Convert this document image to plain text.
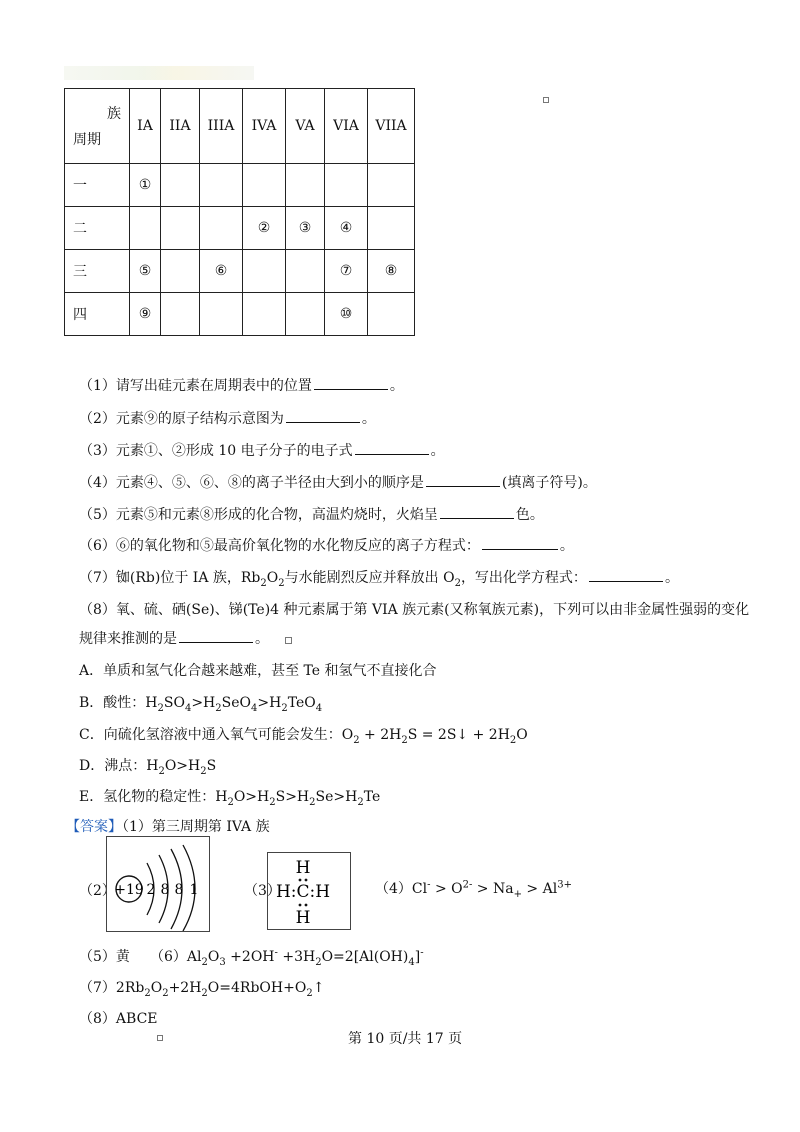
族
周期	IA	IIA	IIIA	IVA	VA	VIA	VIIA
一	①						
二				②	③	④	
三	⑤		⑥			⑦	⑧
四	⑨					⑩	
（1）请写出硅元素在周期表中的位置	。
（2）元素⑨的原子结构示意图为	。
（3）元素①、②形成 10 电子分子的电子式	。
（4）元素④、⑤、⑥、⑧的离子半径由大到小的顺序是	(填离子符号)。
（5）元素⑤和元素⑧形成的化合物，高温灼烧时，火焰呈	色。
（6）⑥的氧化物和⑤最高价氧化物的水化物反应的离子方程式：	。
（7）铷(Rb)位于 IA 族，$Rb_2O_2$与水能剧烈反应并释放出 $O_2$，写出化学方程式：	。
（8）氧、硫、硒(Se)、锑(Te)4 种元素属于第 VIA 族元素(又称氧族元素)，下列可以由非金属性强弱的变化
规律来推测的是	。
A．单质和氢气化合越来越难，甚至 Te 和氢气不直接化合
B．酸性：$H_2SO_4>H_2SeO_4>H_2TeO_4$
C．向硫化氢溶液中通入氧气可能会发生：$O_2 + 2H_2S$ = 2S↓ + $2H_2O$
D．沸点：$H_2O>H_2S$
E．氢化物的稳定性：$H_2O>H_2S>H_2Se>H_2Te$
【答案】（1）第三周期第 IVA 族
（2）
+19 2 8 8 1	（3）
H
H:C:H
H
$(4)Cl^- > O^{2-} > Na_+ > Al^{3+}$
（5）黄 $(6)Al_2O_3 +2OH^- +3H_2O=2[Al(OH)_4]^-$
$(7)2Rb_2O_2+2H_2O=4RbOH+O_2↑$
（8）ABCE
第 10 页/共 17 页
